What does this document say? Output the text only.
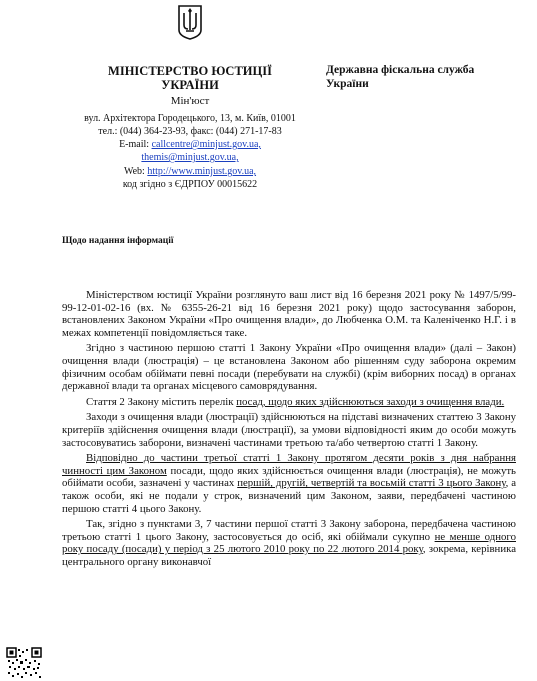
МІНІСТЕРСТВО ЮСТИЦІЇ
УКРАЇНИ
Мін'юст
вул. Архітектора Городецького, 13, м. Київ, 01001
тел.: (044) 364-23-93, факс: (044) 271-17-83
E-mail: callcentre@minjust.gov.ua,
themis@minjust.gov.ua,
Web: http://www.minjust.gov.ua,
код згідно з ЄДРПОУ 00015622
Державна фіскальна служба
України
Щодо надання інформації

Міністерством юстиції України розглянуто ваш лист від 16 березня 2021 року № 1497/5/99-99-12-01-02-16 (вх. № 6355-26-21 від 16 березня 2021 року) щодо застосування заборон, встановлених Законом України «Про очищення влади», до Любченка О.М. та Каленіченко Н.Г. і в межах компетенції повідомляється таке.

Згідно з частиною першою статті 1 Закону України «Про очищення влади» (далі – Закон) очищення влади (люстрація) – це встановлена Законом або рішенням суду заборона окремим фізичним особам обіймати певні посади (перебувати на службі) (крім виборних посад) в органах державної влади та органах місцевого самоврядування.

Стаття 2 Закону містить перелік посад, щодо яких здійснюються заходи з очищення влади.

Заходи з очищення влади (люстрації) здійснюються на підставі визначених статтею 3 Закону критеріїв здійснення очищення влади (люстрації), за умови відповідності яким до особи можуть застосовуватись заборони, визначені частинами третьою та/або четвертою статті 1 Закону.

Відповідно до частини третьої статті 1 Закону протягом десяти років з дня набрання чинності цим Законом посади, щодо яких здійснюється очищення влади (люстрація), не можуть обіймати особи, зазначені у частинах першій, другій, четвертій та восьмій статті 3 цього Закону, а також особи, які не подали у строк, визначений цим Законом, заяви, передбачені частиною першою статті 4 цього Закону.

Так, згідно з пунктами 3, 7 частини першої статті 3 Закону заборона, передбачена частиною третьою статті 1 цього Закону, застосовується до осіб, які обіймали сукупно не менше одного року посаду (посади) у період з 25 лютого 2010 року по 22 лютого 2014 року, зокрема, керівника центрального органу виконавчої
